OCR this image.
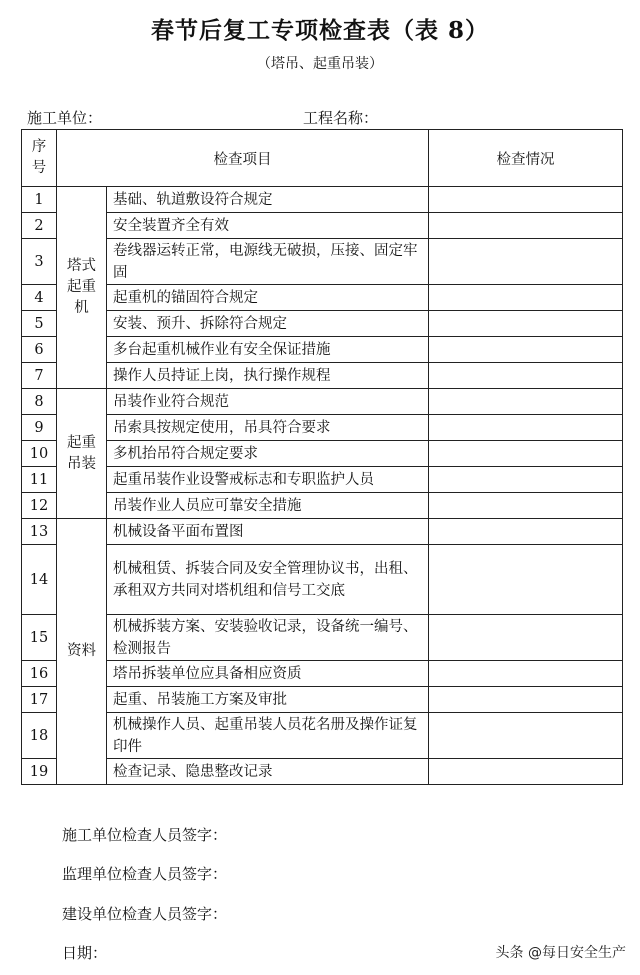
春节后复工专项检查表（表 8）
（塔吊、起重吊装）
施工单位：	工程名称：
序号	检查项目		检查情况
1	塔式起重机	基础、轨道敷设符合规定	
2		安全装置齐全有效	
3		卷线器运转正常，电源线无破损，压接、固定牢固	
4		起重机的锚固符合规定	
5		安装、预升、拆除符合规定	
6		多台起重机械作业有安全保证措施	
7		操作人员持证上岗，执行操作规程	
8	起重吊装	吊装作业符合规范	
9		吊索具按规定使用，吊具符合要求	
10		多机抬吊符合规定要求	
11		起重吊装作业设警戒标志和专职监护人员	
12		吊装作业人员应可靠安全措施	
13	资料	机械设备平面布置图	
14		机械租赁、拆装合同及安全管理协议书，出租、承租双方共同对塔机组和信号工交底	
15		机械拆装方案、安装验收记录，设备统一编号、检测报告	
16		塔吊拆装单位应具备相应资质	
17		起重、吊装施工方案及审批	
18		机械操作人员、起重吊装人员花名册及操作证复印件	
19		检查记录、隐患整改记录	
施工单位检查人员签字：
监理单位检查人员签字：
建设单位检查人员签字：
日期：	头条 @每日安全生产
